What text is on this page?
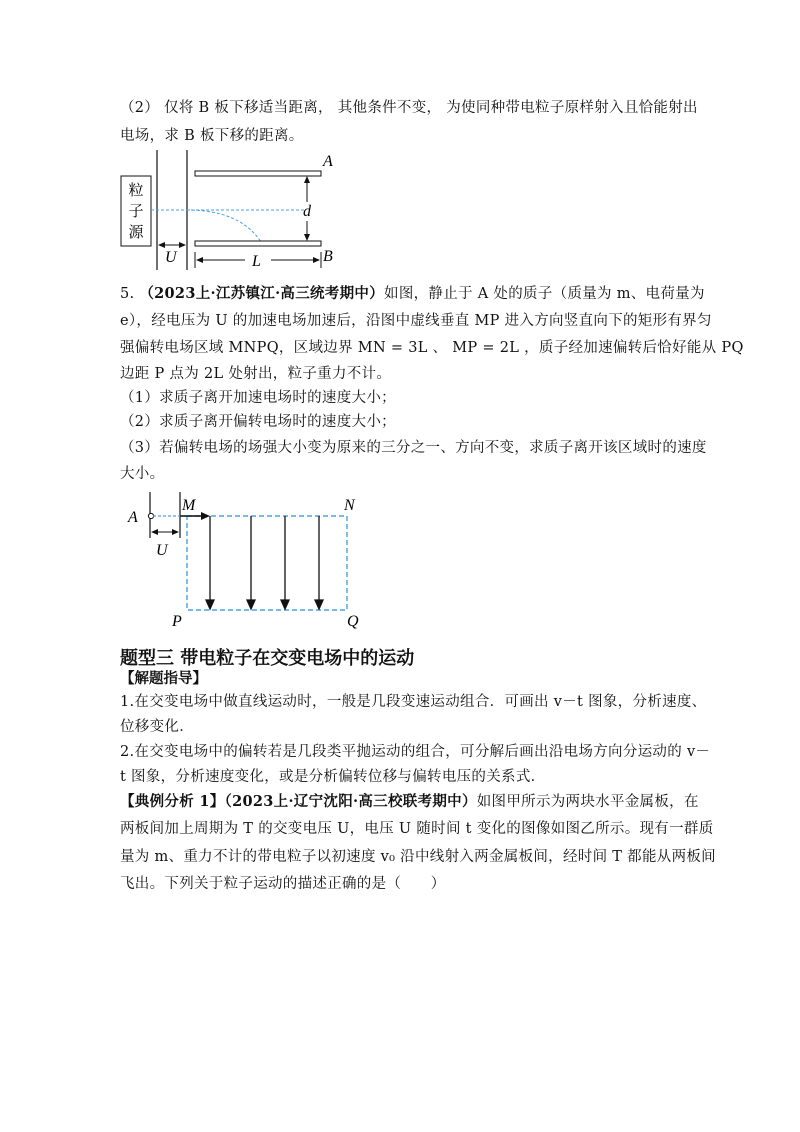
（2） 仅将 B 板下移适当距离， 其他条件不变， 为使同种带电粒子原样射入且恰能射出
电场，求 B 板下移的距离。
粒
子
源
A
B
d
U	L
5. （2023上·江苏镇江·高三统考期中）如图，静止于 A 处的质子（质量为 m、电荷量为
e），经电压为 U 的加速电场加速后，沿图中虚线垂直 MP 进入方向竖直向下的矩形有界匀
强偏转电场区域 MNPQ，区域边界 MN = 3L 、 MP = 2L ，质子经加速偏转后恰好能从 PQ
边距 P 点为 2L 处射出，粒子重力不计。
（1）求质子离开加速电场时的速度大小；
（2）求质子离开偏转电场时的速度大小；
（3）若偏转电场的场强大小变为原来的三分之一、方向不变，求质子离开该区域时的速度
大小。
A
U
M	N
P	Q
题型三 带电粒子在交变电场中的运动
【解题指导】
1.在交变电场中做直线运动时，一般是几段变速运动组合．可画出 v－t 图象，分析速度、
位移变化．
2.在交变电场中的偏转若是几段类平抛运动的组合，可分解后画出沿电场方向分运动的 v－
t 图象，分析速度变化，或是分析偏转位移与偏转电压的关系式．
【典例分析 1】（2023上·辽宁沈阳·高三校联考期中）如图甲所示为两块水平金属板，在
两板间加上周期为 T 的交变电压 U，电压 U 随时间 t 变化的图像如图乙所示。现有一群质
量为 m、重力不计的带电粒子以初速度 v₀ 沿中线射入两金属板间，经时间 T 都能从两板间
飞出。下列关于粒子运动的描述正确的是（　　）
